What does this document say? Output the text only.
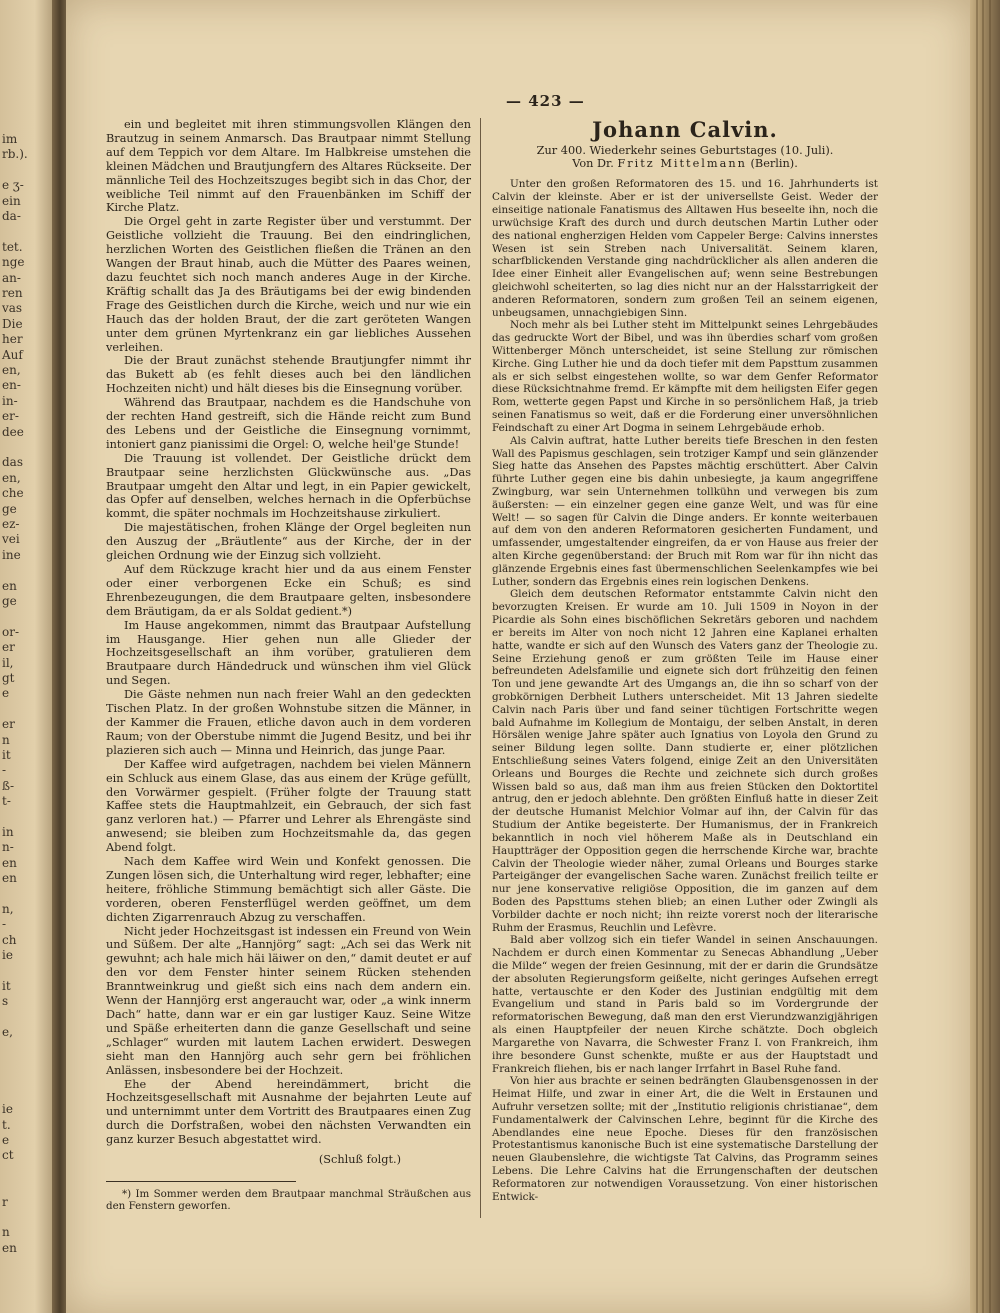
im
rb.).
e ʒ-
ein
da-
tet.
nge
an-
ren
vas
Die
her
Auf
en,
en-
in-
er-
dee
das
en,
che
ge
ez-
vei
ine
en
ge
or-
er
il,
gt
e
er
n
it
-
ß-
t-
in
n-
en
en
n,
-
ch
ie
it
s
e,
ie
t.
e
ct
r
n
en
— 423 —

ein und begleitet mit ihren stimmungsvollen Klängen den Brautzug in seinem Anmarsch. Das Brautpaar nimmt Stellung auf dem Teppich vor dem Altare. Im Halbkreise umstehen die kleinen Mädchen und Brautjungfern des Altares Rückseite. Der männliche Teil des Hochzeitszuges begibt sich in das Chor, der weibliche Teil nimmt auf den Frauenbänken im Schiff der Kirche Platz.

Die Orgel geht in zarte Register über und verstummt. Der Geistliche vollzieht die Trauung. Bei den eindringlichen, herzlichen Worten des Geistlichen fließen die Tränen an den Wangen der Braut hinab, auch die Mütter des Paares weinen, dazu feuchtet sich noch manch anderes Auge in der Kirche. Kräftig schallt das Ja des Bräutigams bei der ewig bindenden Frage des Geistlichen durch die Kirche, weich und nur wie ein Hauch das der holden Braut, der die zart geröteten Wangen unter dem grünen Myrtenkranz ein gar liebliches Aussehen verleihen.

Die der Braut zunächst stehende Brautjungfer nimmt ihr das Bukett ab (es fehlt dieses auch bei den ländlichen Hochzeiten nicht) und hält dieses bis die Einsegnung vorüber.

Während das Brautpaar, nachdem es die Handschuhe von der rechten Hand gestreift, sich die Hände reicht zum Bund des Lebens und der Geistliche die Einsegnung vornimmt, intoniert ganz pianissimi die Orgel: O, welche heil'ge Stunde!

Die Trauung ist vollendet. Der Geistliche drückt dem Brautpaar seine herzlichsten Glückwünsche aus. „Das Brautpaar umgeht den Altar und legt, in ein Papier gewickelt, das Opfer auf denselben, welches hernach in die Opferbüchse kommt, die später nochmals im Hochzeitshause zirkuliert.

Die majestätischen, frohen Klänge der Orgel begleiten nun den Auszug der „Bräutlente“ aus der Kirche, der in der gleichen Ordnung wie der Einzug sich vollzieht.

Auf dem Rückzuge kracht hier und da aus einem Fenster oder einer verborgenen Ecke ein Schuß; es sind Ehrenbezeugungen, die dem Brautpaare gelten, insbesondere dem Bräutigam, da er als Soldat gedient.*)

Im Hause angekommen, nimmt das Brautpaar Aufstellung im Hausgange. Hier gehen nun alle Glieder der Hochzeitsgesellschaft an ihm vorüber, gratulieren dem Brautpaare durch Händedruck und wünschen ihm viel Glück und Segen.

Die Gäste nehmen nun nach freier Wahl an den gedeckten Tischen Platz. In der großen Wohnstube sitzen die Männer, in der Kammer die Frauen, etliche davon auch in dem vorderen Raum; von der Oberstube nimmt die Jugend Besitz, und bei ihr plazieren sich auch — Minna und Heinrich, das junge Paar.

Der Kaffee wird aufgetragen, nachdem bei vielen Männern ein Schluck aus einem Glase, das aus einem der Krüge gefüllt, den Vorwärmer gespielt. (Früher folgte der Trauung statt Kaffee stets die Hauptmahlzeit, ein Gebrauch, der sich fast ganz verloren hat.) — Pfarrer und Lehrer als Ehrengäste sind anwesend; sie bleiben zum Hochzeitsmahle da, das gegen Abend folgt.

Nach dem Kaffee wird Wein und Konfekt genossen. Die Zungen lösen sich, die Unterhaltung wird reger, lebhafter; eine heitere, fröhliche Stimmung bemächtigt sich aller Gäste. Die vorderen, oberen Fensterflügel werden geöffnet, um dem dichten Zigarrenrauch Abzug zu verschaffen.

Nicht jeder Hochzeitsgast ist indessen ein Freund von Wein und Süßem. Der alte „Hannjörg“ sagt: „Ach sei das Werk nit gewuhnt; ach hale mich häi läiwer on den,“ damit deutet er auf den vor dem Fenster hinter seinem Rücken stehenden Branntweinkrug und gießt sich eins nach dem andern ein. Wenn der Hannjörg erst angeraucht war, oder „a wink innerm Dach“ hatte, dann war er ein gar lustiger Kauz. Seine Witze und Späße erheiterten dann die ganze Gesellschaft und seine „Schlager“ wurden mit lautem Lachen erwidert. Deswegen sieht man den Hannjörg auch sehr gern bei fröhlichen Anlässen, insbesondere bei der Hochzeit.

Ehe der Abend hereindämmert, bricht die Hochzeitsgesellschaft mit Ausnahme der bejahrten Leute auf und unternimmt unter dem Vortritt des Brautpaares einen Zug durch die Dorfstraßen, wobei den nächsten Verwandten ein ganz kurzer Besuch abgestattet wird.

(Schluß folgt.)

*) Im Sommer werden dem Brautpaar manchmal Sträußchen aus den Fenstern geworfen.

Johann Calvin.

Zur 400. Wiederkehr seines Geburtstages (10. Juli).

Von Dr. Fritz Mittelmann (Berlin).

Unter den großen Reformatoren des 15. und 16. Jahrhunderts ist Calvin der kleinste. Aber er ist der universellste Geist. Weder der einseitige nationale Fanatismus des Alltawen Hus beseelte ihn, noch die urwüchsige Kraft des durch und durch deutschen Martin Luther oder des national engherzigen Helden vom Cappeler Berge: Calvins innerstes Wesen ist sein Streben nach Universalität. Seinem klaren, scharfblickenden Verstande ging nachdrücklicher als allen anderen die Idee einer Einheit aller Evangelischen auf; wenn seine Bestrebungen gleichwohl scheiterten, so lag dies nicht nur an der Halsstarrigkeit der anderen Reformatoren, sondern zum großen Teil an seinem eigenen, unbeugsamen, unnachgiebigen Sinn.

Noch mehr als bei Luther steht im Mittelpunkt seines Lehrgebäudes das gedruckte Wort der Bibel, und was ihn überdies scharf vom großen Wittenberger Mönch unterscheidet, ist seine Stellung zur römischen Kirche. Ging Luther hie und da doch tiefer mit dem Papsttum zusammen als er sich selbst eingestehen wollte, so war dem Genfer Reformator diese Rücksichtnahme fremd. Er kämpfte mit dem heiligsten Eifer gegen Rom, wetterte gegen Papst und Kirche in so persönlichem Haß, ja trieb seinen Fanatismus so weit, daß er die Forderung einer unversöhnlichen Feindschaft zu einer Art Dogma in seinem Lehrgebäude erhob.

Als Calvin auftrat, hatte Luther bereits tiefe Breschen in den festen Wall des Papismus geschlagen, sein trotziger Kampf und sein glänzender Sieg hatte das Ansehen des Papstes mächtig erschüttert. Aber Calvin führte Luther gegen eine bis dahin unbesiegte, ja kaum angegriffene Zwingburg, war sein Unternehmen tollkühn und verwegen bis zum äußersten: — ein einzelner gegen eine ganze Welt, und was für eine Welt! — so sagen für Calvin die Dinge anders. Er konnte weiterbauen auf dem von den anderen Reformatoren gesicherten Fundament, und umfassender, umgestaltender eingreifen, da er von Hause aus freier der alten Kirche gegenüberstand: der Bruch mit Rom war für ihn nicht das glänzende Ergebnis eines fast übermenschlichen Seelenkampfes wie bei Luther, sondern das Ergebnis eines rein logischen Denkens.

Gleich dem deutschen Reformator entstammte Calvin nicht den bevorzugten Kreisen. Er wurde am 10. Juli 1509 in Noyon in der Picardie als Sohn eines bischöflichen Sekretärs geboren und nachdem er bereits im Alter von noch nicht 12 Jahren eine Kaplanei erhalten hatte, wandte er sich auf den Wunsch des Vaters ganz der Theologie zu. Seine Erziehung genoß er zum größten Teile im Hause einer befreundeten Adelsfamilie und eignete sich dort frühzeitig den feinen Ton und jene gewandte Art des Umgangs an, die ihn so scharf von der grobkörnigen Derbheit Luthers unterscheidet. Mit 13 Jahren siedelte Calvin nach Paris über und fand seiner tüchtigen Fortschritte wegen bald Aufnahme im Kollegium de Montaigu, der selben Anstalt, in deren Hörsälen wenige Jahre später auch Ignatius von Loyola den Grund zu seiner Bildung legen sollte. Dann studierte er, einer plötzlichen Entschließung seines Vaters folgend, einige Zeit an den Universitäten Orleans und Bourges die Rechte und zeichnete sich durch großes Wissen bald so aus, daß man ihm aus freien Stücken den Doktortitel antrug, den er jedoch ablehnte. Den größten Einfluß hatte in dieser Zeit der deutsche Humanist Melchior Volmar auf ihn, der Calvin für das Studium der Antike begeisterte. Der Humanismus, der in Frankreich bekanntlich in noch viel höherem Maße als in Deutschland ein Hauptträger der Opposition gegen die herrschende Kirche war, brachte Calvin der Theologie wieder näher, zumal Orleans und Bourges starke Parteigänger der evangelischen Sache waren. Zunächst freilich teilte er nur jene konservative religiöse Opposition, die im ganzen auf dem Boden des Papsttums stehen blieb; an einen Luther oder Zwingli als Vorbilder dachte er noch nicht; ihn reizte vorerst noch der literarische Ruhm der Erasmus, Reuchlin und Lefèvre.

Bald aber vollzog sich ein tiefer Wandel in seinen Anschauungen. Nachdem er durch einen Kommentar zu Senecas Abhandlung „Ueber die Milde“ wegen der freien Gesinnung, mit der er darin die Grundsätze der absoluten Regierungsform geißelte, nicht geringes Aufsehen erregt hatte, vertauschte er den Koder des Justinian endgültig mit dem Evangelium und stand in Paris bald so im Vordergrunde der reformatorischen Bewegung, daß man den erst Vierundzwanzigjährigen als einen Hauptpfeiler der neuen Kirche schätzte. Doch obgleich Margarethe von Navarra, die Schwester Franz I. von Frankreich, ihm ihre besondere Gunst schenkte, mußte er aus der Hauptstadt und Frankreich fliehen, bis er nach langer Irrfahrt in Basel Ruhe fand.

Von hier aus brachte er seinen bedrängten Glaubensgenossen in der Heimat Hilfe, und zwar in einer Art, die die Welt in Erstaunen und Aufruhr versetzen sollte; mit der „Institutio religionis christianae“, dem Fundamentalwerk der Calvinschen Lehre, beginnt für die Kirche des Abendlandes eine neue Epoche. Dieses für den französischen Protestantismus kanonische Buch ist eine systematische Darstellung der neuen Glaubenslehre, die wichtigste Tat Calvins, das Programm seines Lebens. Die Lehre Calvins hat die Errungenschaften der deutschen Reformatoren zur notwendigen Voraussetzung. Von einer historischen Entwick-
